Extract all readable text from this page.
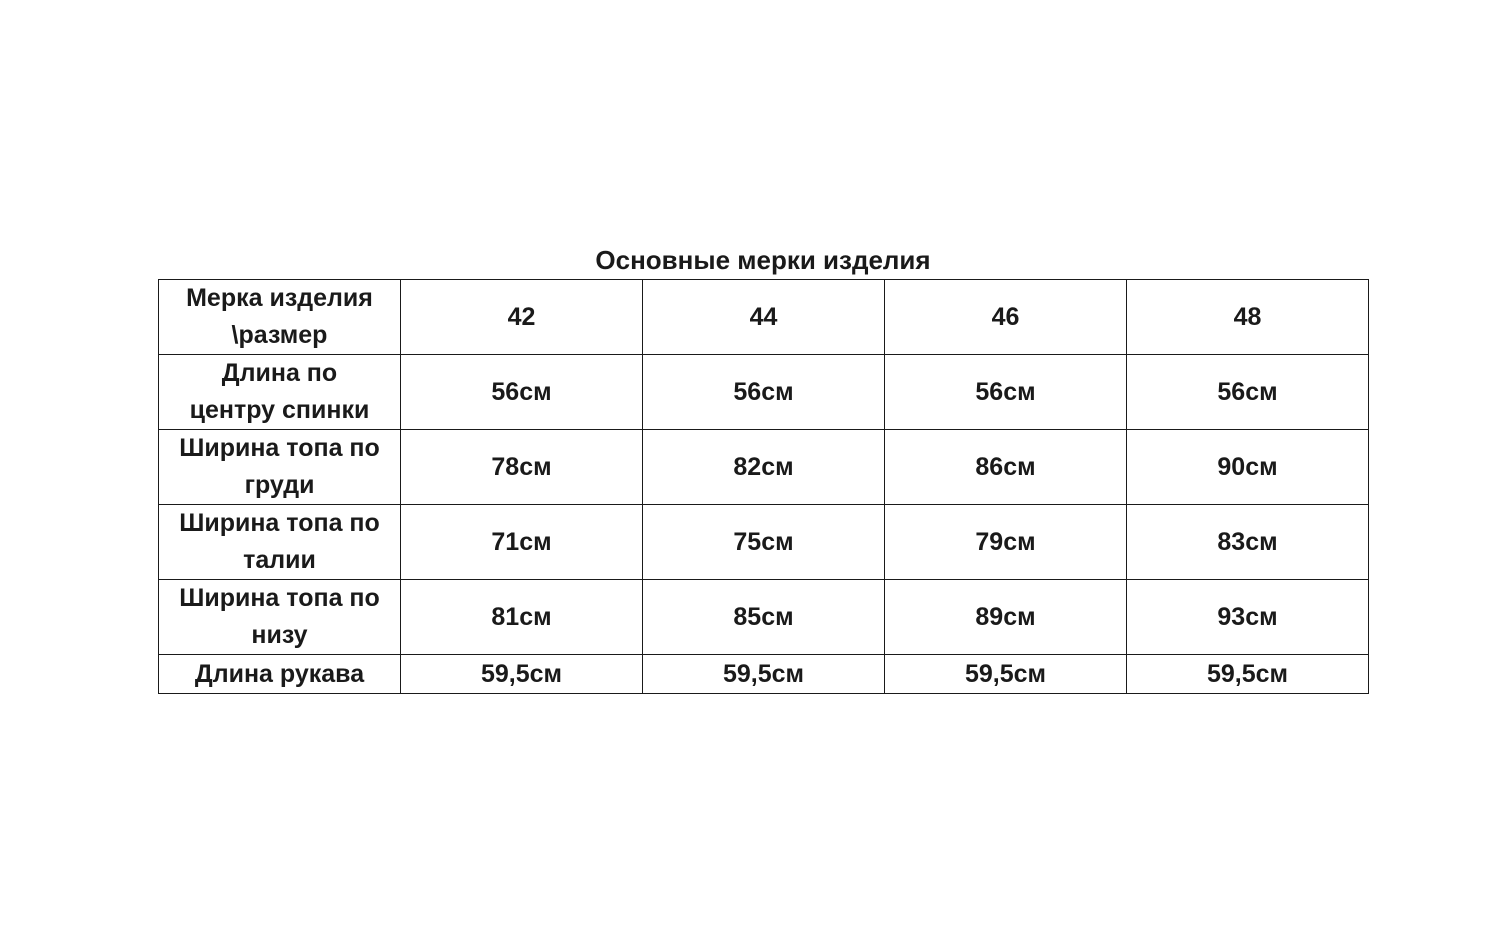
Основные мерки изделия
Мерка изделия
\размер	42	44	46	48
Длина по
центру спинки	56см	56см	56см	56см
Ширина топа по
груди	78см	82см	86см	90см
Ширина топа по
талии	71см	75см	79см	83см
Ширина топа по
низу	81см	85см	89см	93см
Длина рукава	59,5см	59,5см	59,5см	59,5см
